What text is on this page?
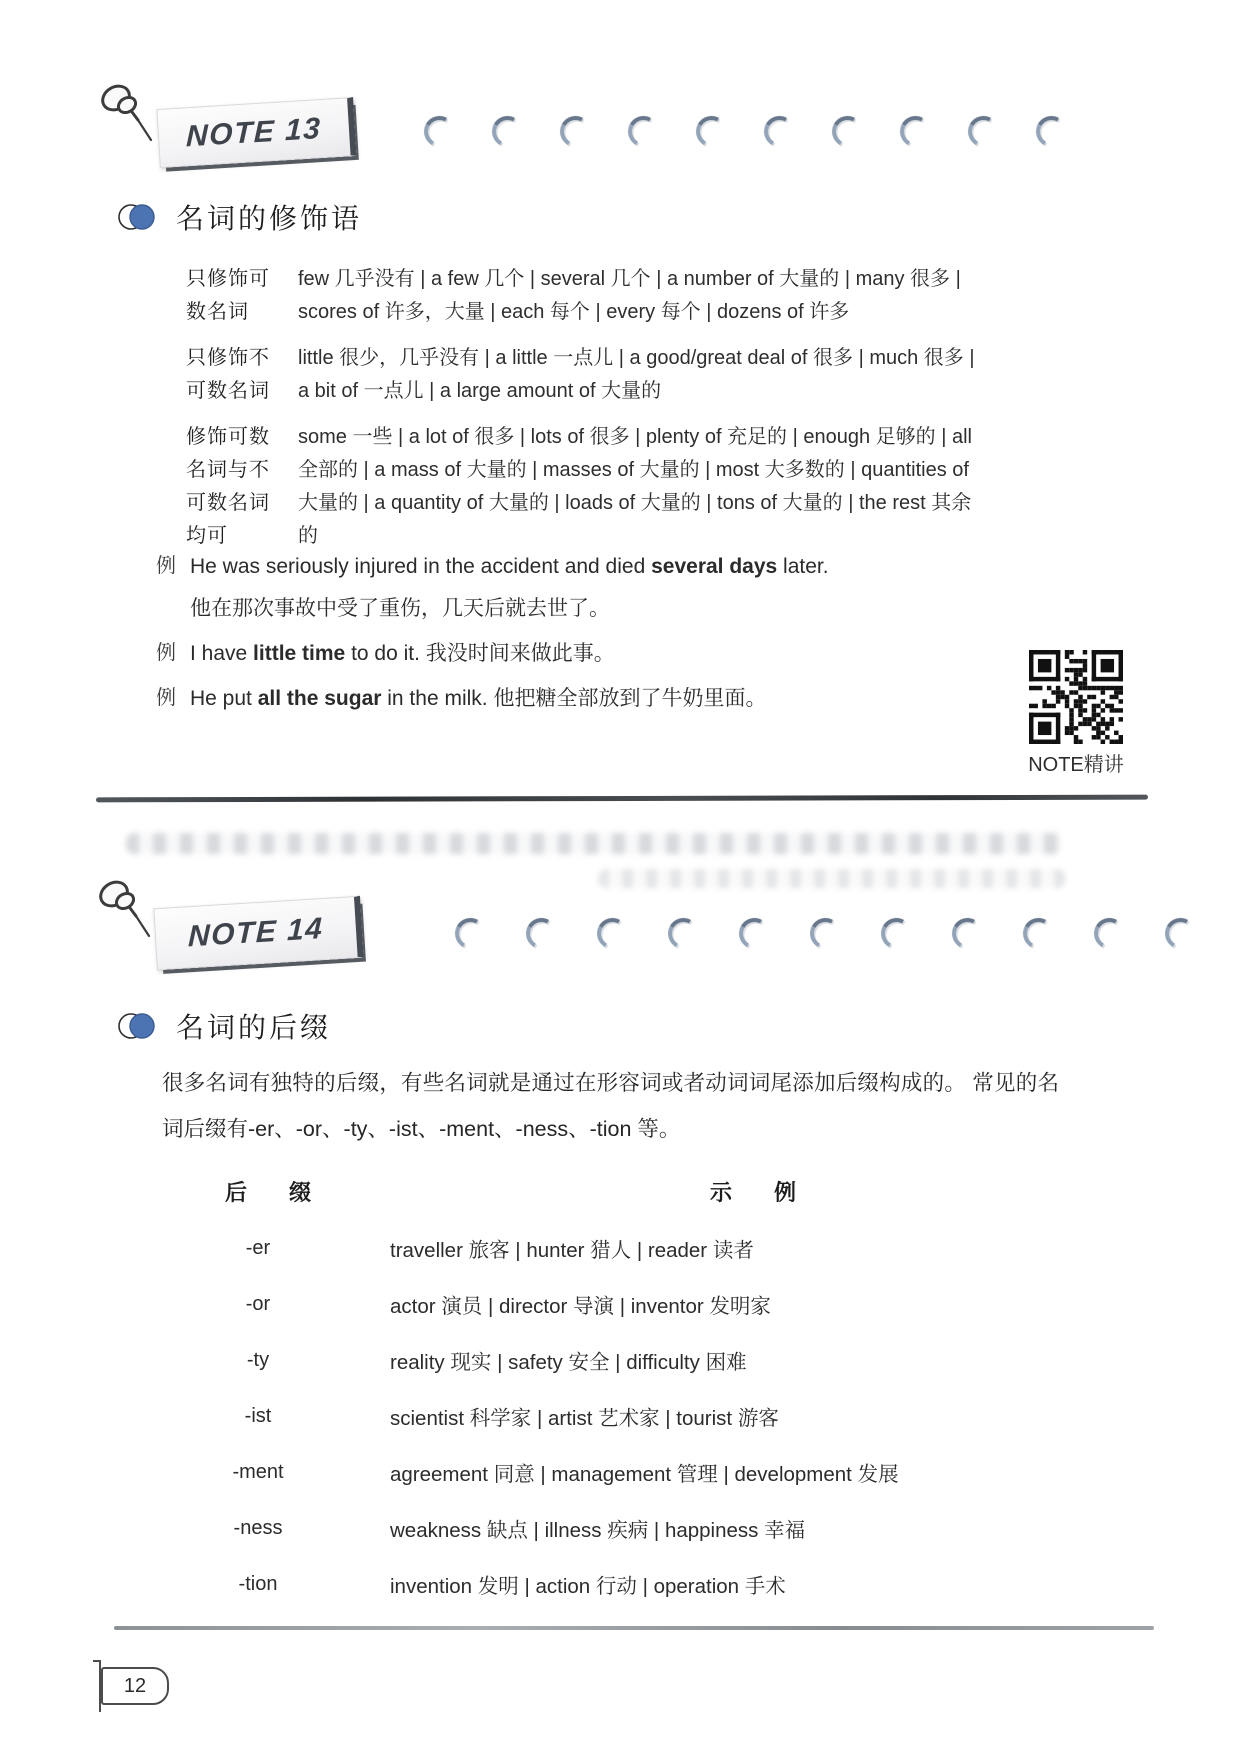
NOTE 13
名词的修饰语
只修饰可数名词
few 几乎没有 | a few 几个 | several 几个 | a number of 大量的 | many 很多 | scores of 许多，大量 | each 每个 | every 每个 | dozens of 许多
只修饰不可数名词
little 很少，几乎没有 | a little 一点儿 | a good/great deal of 很多 | much 很多 | a bit of 一点儿 | a large amount of 大量的
修饰可数名词与不可数名词均可
some 一些 | a lot of 很多 | lots of 很多 | plenty of 充足的 | enough 足够的 | all 全部的 | a mass of 大量的 | masses of 大量的 | most 大多数的 | quantities of 大量的 | a quantity of 大量的 | loads of 大量的 | tons of 大量的 | the rest 其余的
例 He was seriously injured in the accident and died several days later.
他在那次事故中受了重伤，几天后就去世了。
例 I have little time to do it. 我没时间来做此事。
例 He put all the sugar in the milk. 他把糖全部放到了牛奶里面。
NOTE精讲
NOTE 14
名词的后缀
很多名词有独特的后缀，有些名词就是通过在形容词或者动词词尾添加后缀构成的。 常见的名词后缀有-er、-or、-ty、-ist、-ment、-ness、-tion 等。
后　缀	示　例
-er	traveller 旅客 | hunter 猎人 | reader 读者
-or	actor 演员 | director 导演 | inventor 发明家
-ty	reality 现实 | safety 安全 | difficulty 困难
-ist	scientist 科学家 | artist 艺术家 | tourist 游客
-ment	agreement 同意 | management 管理 | development 发展
-ness	weakness 缺点 | illness 疾病 | happiness 幸福
-tion	invention 发明 | action 行动 | operation 手术
12
